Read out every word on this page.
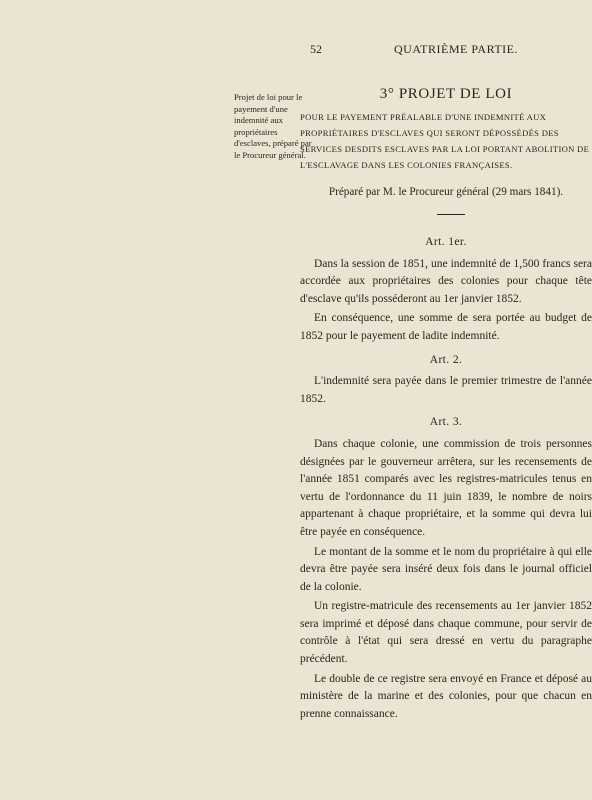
52	QUATRIÈME PARTIE.
Projet de loi pour le payement d'une indemnité aux propriétaires d'esclaves, préparé par le Procureur général.
3° PROJET DE LOI
POUR LE PAYEMENT PRÉALABLE D'UNE INDEMNITÉ AUX PROPRIÉTAIRES D'ESCLAVES QUI SERONT DÉPOSSÉDÉS DES SERVICES DESDITS ESCLAVES PAR LA LOI PORTANT ABOLITION DE L'ESCLAVAGE DANS LES COLONIES FRANÇAISES.
Préparé par M. le Procureur général (29 mars 1841).
Art. 1er.

Dans la session de 1851, une indemnité de 1,500 francs sera accordée aux propriétaires des colonies pour chaque tête d'esclave qu'ils posséderont au 1er janvier 1852.

En conséquence, une somme de sera portée au budget de 1852 pour le payement de ladite indemnité.

Art. 2.

L'indemnité sera payée dans le premier trimestre de l'année 1852.

Art. 3.

Dans chaque colonie, une commission de trois personnes désignées par le gouverneur arrêtera, sur les recensements de l'année 1851 comparés avec les registres-matricules tenus en vertu de l'ordonnance du 11 juin 1839, le nombre de noirs appartenant à chaque propriétaire, et la somme qui devra lui être payée en conséquence.

Le montant de la somme et le nom du propriétaire à qui elle devra être payée sera inséré deux fois dans le journal officiel de la colonie.

Un registre-matricule des recensements au 1er janvier 1852 sera imprimé et déposé dans chaque commune, pour servir de contrôle à l'état qui sera dressé en vertu du paragraphe précédent.

Le double de ce registre sera envoyé en France et déposé au ministère de la marine et des colonies, pour que chacun en prenne connaissance.
